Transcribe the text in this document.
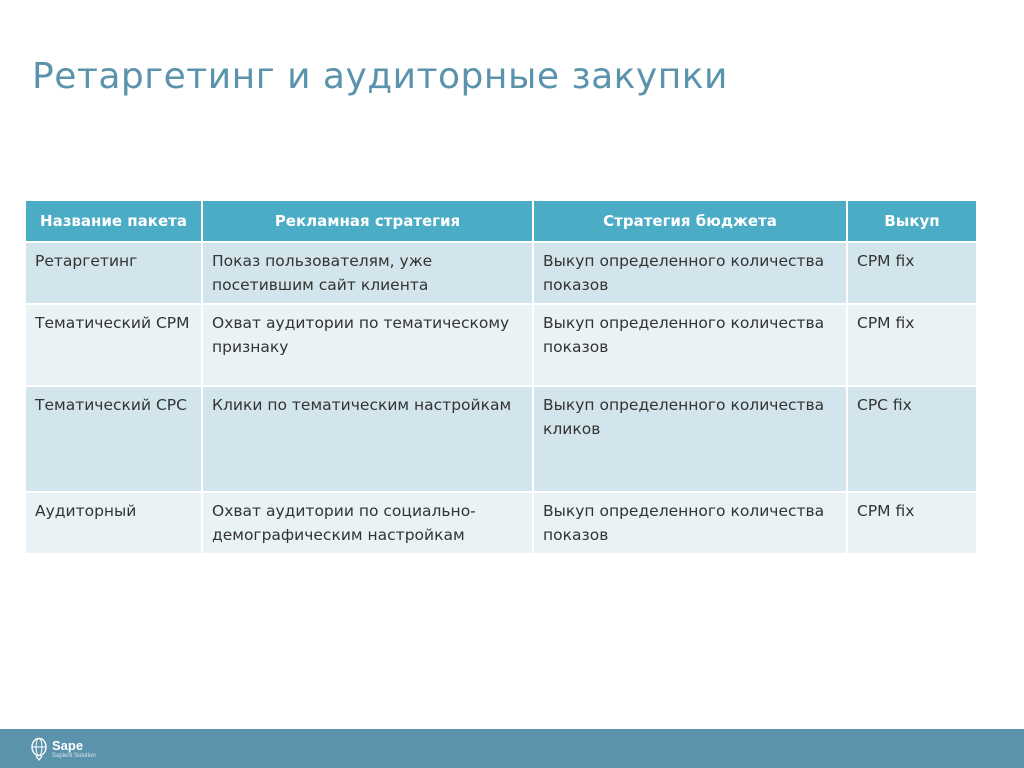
Ретаргетинг и аудиторные закупки
Название пакета	Рекламная стратегия	Стратегия бюджета	Выкуп
Ретаргетинг	Показ пользователям, уже посетившим сайт клиента	Выкуп определенного количества показов	CPM fix
Тематический CPM	Охват аудитории по тематическому признаку	Выкуп определенного количества показов	CPM fix
Тематический CPC	Клики по тематическим настройкам	Выкуп определенного количества кликов	CPC fix
Аудиторный	Охват аудитории по социально-демографическим настройкам	Выкуп определенного количества показов	CPM fix
Sape
Sapient Solution
